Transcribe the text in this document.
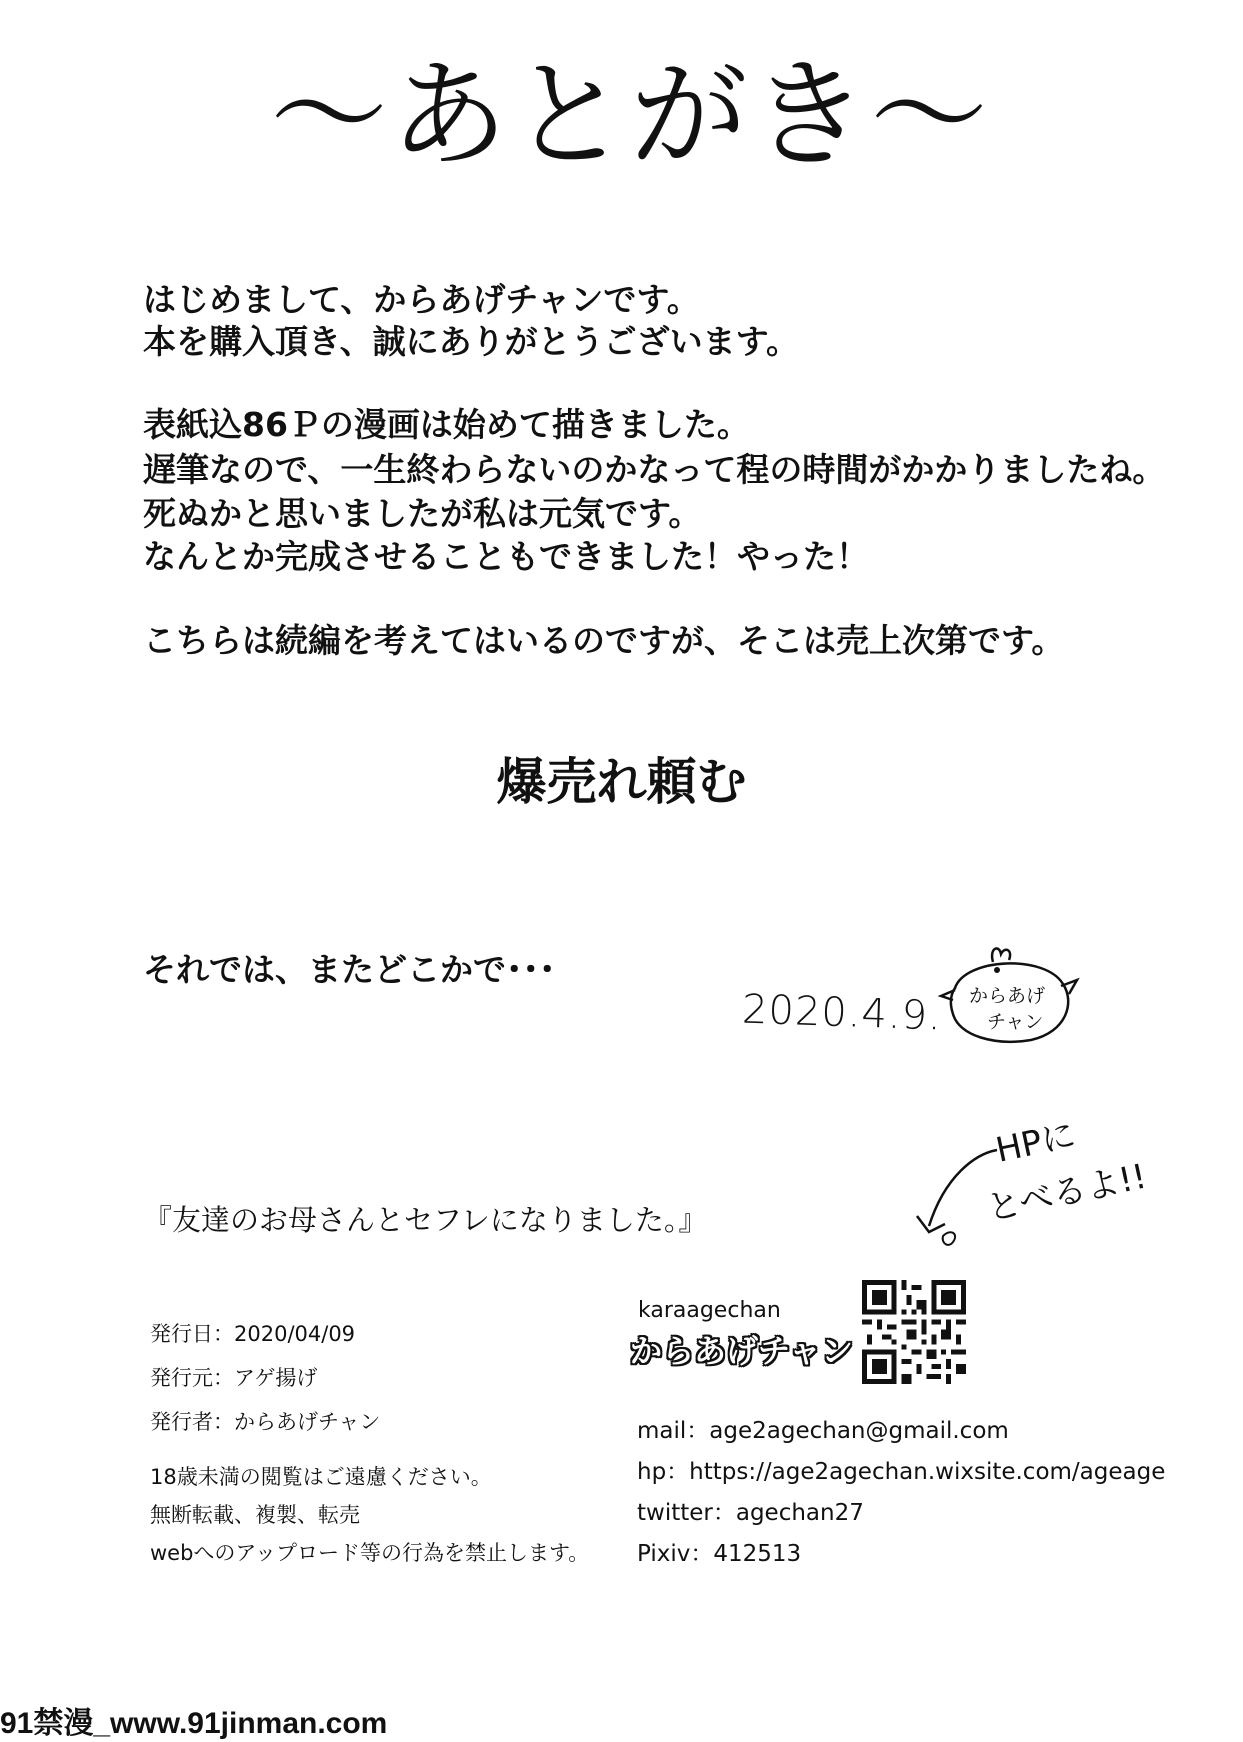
〜あとがき〜
はじめまして、からあげチャンです。
本を購入頂き、誠にありがとうございます。
表紙込86Ｐの漫画は始めて描きました。
遅筆なので、一生終わらないのかなって程の時間がかかりましたね。
死ぬかと思いましたが私は元気です。
なんとか完成させることもできました！やった！
こちらは続編を考えてはいるのですが、そこは売上次第です。
爆売れ頼む
それでは、またどこかで･･･
2020.4.9. からあげ
チャン
『友達のお母さんとセフレになりました。』
HPに
とべるよ!!
発行日：2020/04/09
発行元：アゲ揚げ
発行者：からあげチャン
18歳未満の閲覧はご遠慮ください。
無断転載、複製、転売
webへのアップロード等の行為を禁止します。
karaagechan
からあげチャン
mail：age2agechan@gmail.com
hp：https://age2agechan.wixsite.com/ageage
twitter：agechan27
Pixiv：412513
91禁漫_www.91jinman.com
